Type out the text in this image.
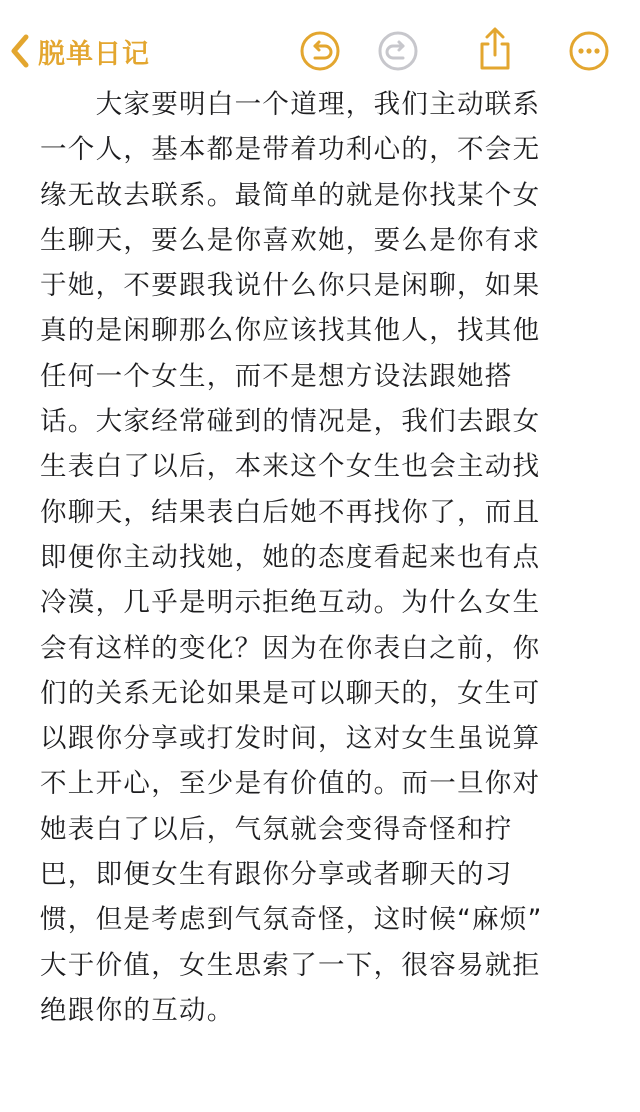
脱单日记
　　大家要明白一个道理，我们主动联系
一个人，基本都是带着功利心的，不会无
缘无故去联系。最简单的就是你找某个女
生聊天，要么是你喜欢她，要么是你有求
于她，不要跟我说什么你只是闲聊，如果
真的是闲聊那么你应该找其他人，找其他
任何一个女生，而不是想方设法跟她搭
话。大家经常碰到的情况是，我们去跟女
生表白了以后，本来这个女生也会主动找
你聊天，结果表白后她不再找你了，而且
即便你主动找她，她的态度看起来也有点
冷漠，几乎是明示拒绝互动。为什么女生
会有这样的变化？因为在你表白之前，你
们的关系无论如果是可以聊天的，女生可
以跟你分享或打发时间，这对女生虽说算
不上开心，至少是有价值的。而一旦你对
她表白了以后，气氛就会变得奇怪和拧
巴，即便女生有跟你分享或者聊天的习
惯，但是考虑到气氛奇怪，这时候“麻烦”
大于价值，女生思索了一下，很容易就拒
绝跟你的互动。
